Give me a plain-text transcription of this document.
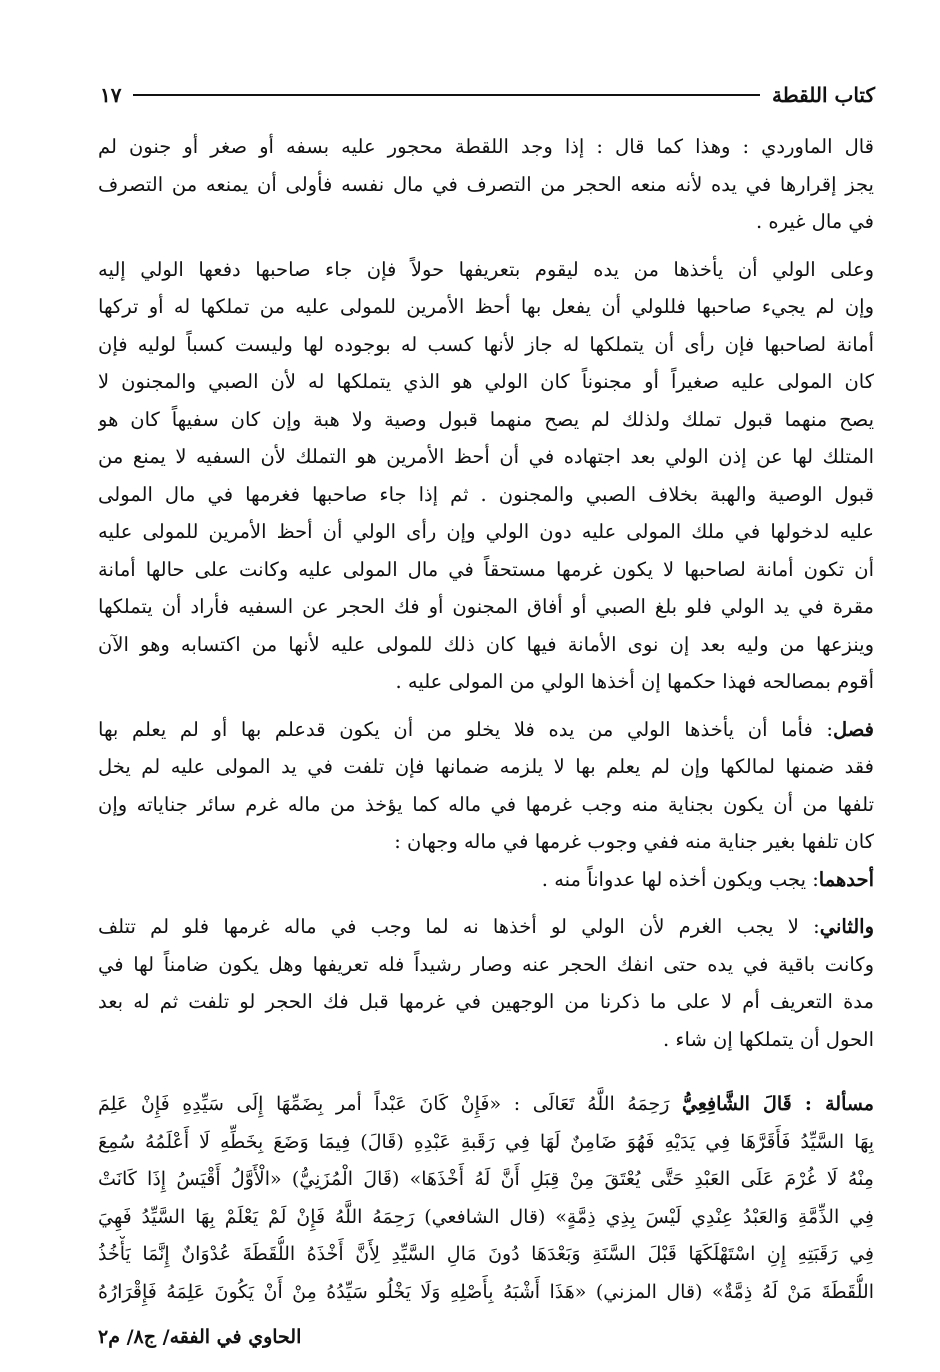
كتاب اللقطة
١٧
قال الماوردي : وهذا كما قال : إذا وجد اللقطة محجور عليه بسفه أو صغر أو جنون لم
يجز إقرارها في يده لأنه منعه الحجر من التصرف في مال نفسه فأولى أن يمنعه من التصرف
في مال غيره .
وعلى الولي أن يأخذها من يده ليقوم بتعريفها حولاً فإن جاء صاحبها دفعها الولي إليه
وإن لم يجيء صاحبها فللولي أن يفعل بها أحظ الأمرين للمولى عليه من تملكها له أو تركها
أمانة لصاحبها فإن رأى أن يتملكها له جاز لأنها كسب له بوجوده لها وليست كسباً لوليه فإن
كان المولى عليه صغيراً أو مجنوناً كان الولي هو الذي يتملكها له لأن الصبي والمجنون لا
يصح منهما قبول تملك ولذلك لم يصح منهما قبول وصية ولا هبة وإن كان سفيهاً كان هو
المتلك لها عن إذن الولي بعد اجتهاده في أن أحظ الأمرين هو التملك لأن السفيه لا يمنع من
قبول الوصية والهبة بخلاف الصبي والمجنون . ثم إذا جاء صاحبها فغرمها في مال المولى
عليه لدخولها في ملك المولى عليه دون الولي وإن رأى الولي أن أحظ الأمرين للمولى عليه
أن تكون أمانة لصاحبها لا يكون غرمها مستحقاً في مال المولى عليه وكانت على حالها أمانة
مقرة في يد الولي فلو بلغ الصبي أو أفاق المجنون أو فك الحجر عن السفيه فأراد أن يتملكها
وينزعها من وليه بعد إن نوى الأمانة فيها كان ذلك للمولى عليه لأنها من اكتسابه وهو الآن
أقوم بمصالحه فهذا حكمها إن أخذها الولي من المولى عليه .
فصل: فأما أن يأخذها الولي من يده فلا يخلو من أن يكون قدعلم بها أو لم يعلم بها
فقد ضمنها لمالكها وإن لم يعلم بها لا يلزمه ضمانها فإن تلفت في يد المولى عليه لم يخل
تلفها من أن يكون بجناية منه وجب غرمها في ماله كما يؤخذ من ماله غرم سائر جناياته وإن
كان تلفها بغير جناية منه ففي وجوب غرمها في ماله وجهان :
أحدهما: يجب ويكون أخذه لها عدواناً منه .
والثاني: لا يجب الغرم لأن الولي لو أخذها نه لما وجب في ماله غرمها فلو لم تتلف
وكانت باقية في يده حتى انفك الحجر عنه وصار رشيداً فله تعريفها وهل يكون ضامناً لها في
مدة التعريف أم لا على ما ذكرنا من الوجهين في غرمها قبل فك الحجر لو تلفت ثم له بعد
الحول أن يتملكها إن شاء .
مسألة : قَالَ الشَّافِعِيُّ رَحِمَهُ اللَّهُ تَعَالَى : «فَإِنْ كَانَ عَبْداً أمر بِضَمِّهَا إِلَى سَيِّدِهِ فَإِنْ عَلِمَ
بِهَا السَّيِّدُ فَأَقَرَّهَا فِي يَدَيْهِ فَهُوَ ضَامِنٌ لَهَا فِي رَقَبةِ عَبْدِهِ (قَالَ) فِيمَا وَضَعَ بِخَطِّهِ لَا أَعْلَمُهُ سُمِعَ
مِنْهُ لَا غُرْمَ عَلَى العَبْدِ حَتَّى يُعْتَقَ مِنْ قِبَلِ أَنَّ لَهُ أَخْذَهَا» (قَالَ الْمُزَنِيُّ) «الْأَوَّلُ أَقْيَسُ إِذَا كَانَتْ
فِي الذِّمَّةِ وَالعَبْدُ عِنْدِي لَيْسَ بِذِي ذِمَّةٍ» (قال الشافعي) رَحِمَهُ اللَّهُ فَإِنْ لَمْ يَعْلَمْ بِهَا السَّيِّدُ فَهِيَ
فِي رَقَبَتِهِ إِنِ اسْتَهْلَكَهَا قَبْلَ السَّنَةِ وَبَعْدَهَا دُونَ مَالِ السَّيِّدِ لِأَنَّ أَخْذَهُ اللُّقَطَةَ عُدْوَانٌ إِنَّمَا يَأْخُذُ
اللُّقَطَةَ مَنْ لَهُ ذِمَّةٌ» (قال المزني) «هَذَا أَشْبَهُ بِأَصْلِهِ وَلَا يَخْلُو سَيِّدُهُ مِنْ أَنْ يَكُونَ عَلِمَهُ فَإِقْرَارُهُ
الحاوي في الفقه/ ج٨/ م٢
